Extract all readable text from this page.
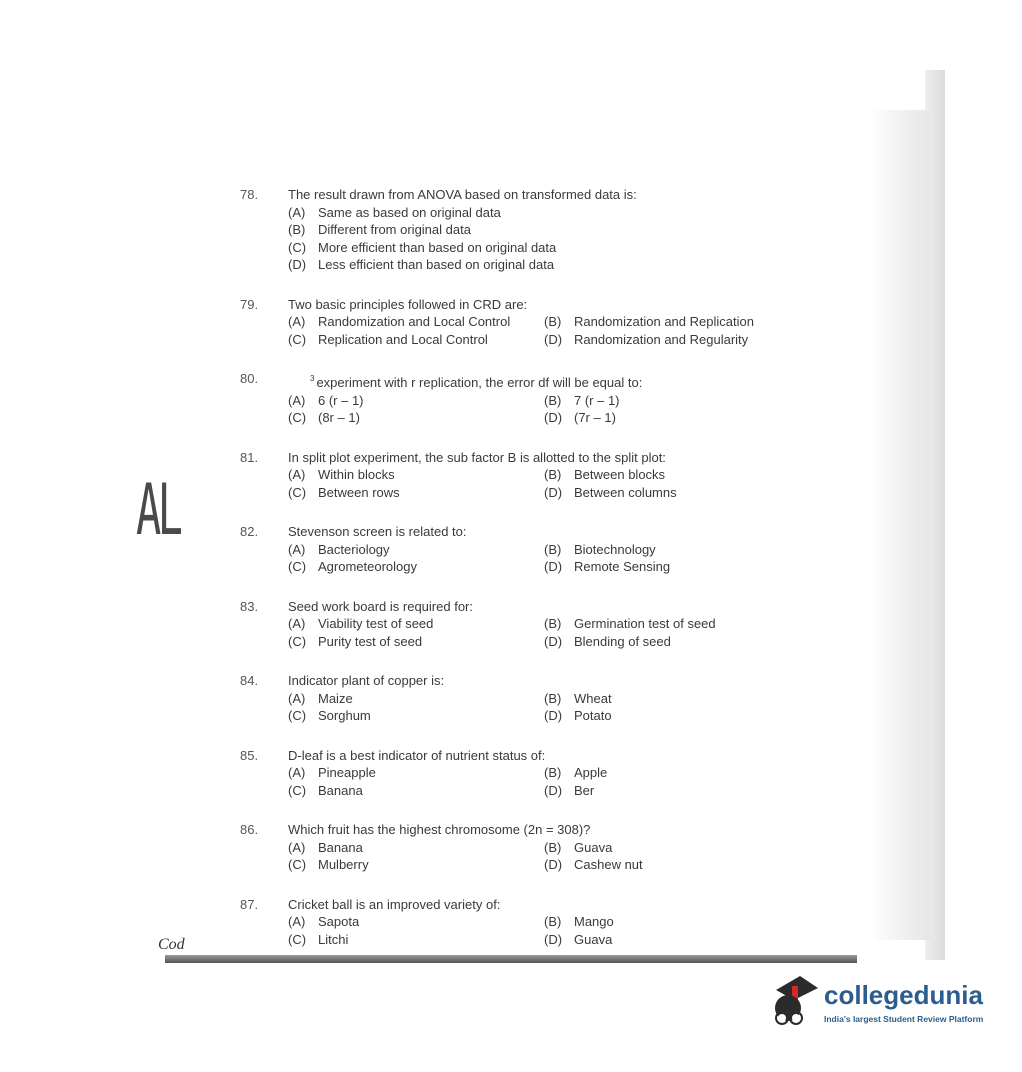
AL
78.	The result drawn from ANOVA based on transformed data is:
(A) Same as based on original data
(B) Different from original data
(C) More efficient than based on original data
(D) Less efficient than based on original data
79.	Two basic principles followed in CRD are:
(A) Randomization and Local Control	(B) Randomization and Replication
(C) Replication and Local Control	(D) Randomization and Regularity
80.	$^3$ experiment with r replication, the error df will be equal to:
(A) 6 (r – 1)	(B) 7 (r – 1)
(C) (8r – 1)	(D) (7r – 1)
81.	In split plot experiment, the sub factor B is allotted to the split plot:
(A) Within blocks	(B) Between blocks
(C) Between rows	(D) Between columns
82.	Stevenson screen is related to:
(A) Bacteriology	(B) Biotechnology
(C) Agrometeorology	(D) Remote Sensing
83.	Seed work board is required for:
(A) Viability test of seed	(B) Germination test of seed
(C) Purity test of seed	(D) Blending of seed
84.	Indicator plant of copper is:
(A) Maize	(B) Wheat
(C) Sorghum	(D) Potato
85.	D-leaf is a best indicator of nutrient status of:
(A) Pineapple	(B) Apple
(C) Banana	(D) Ber
86.	Which fruit has the highest chromosome (2n = 308)?
(A) Banana	(B) Guava
(C) Mulberry	(D) Cashew nut
87.	Cricket ball is an improved variety of:
(A) Sapota	(B) Mango
(C) Litchi	(D) Guava
Cod
collegedunia
India's largest Student Review Platform
